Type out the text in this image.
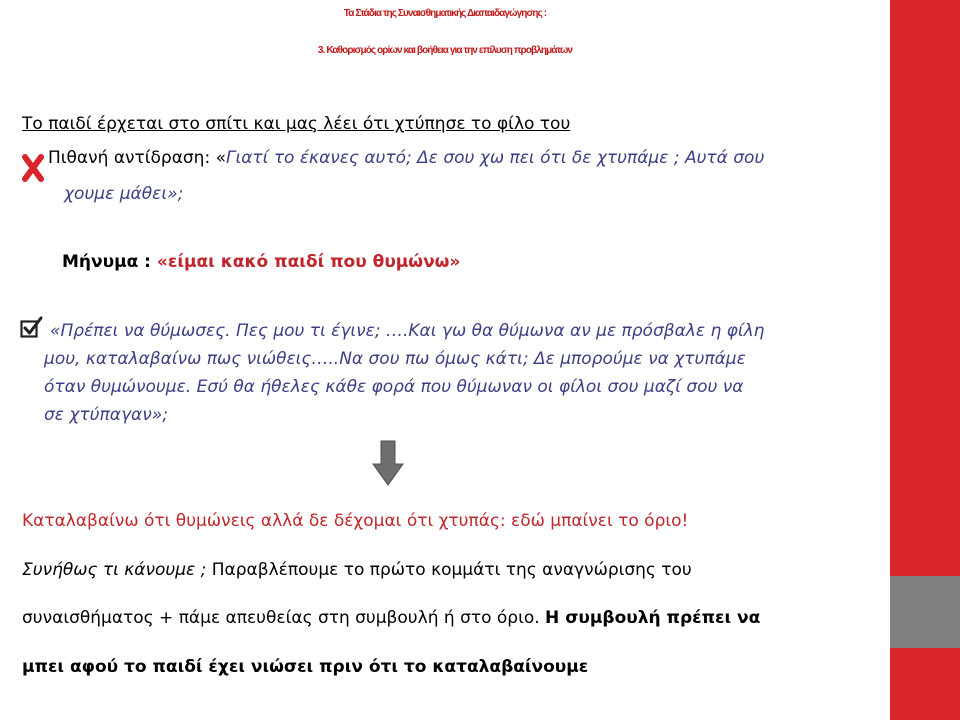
Τα Στάδια της Συναισθηματικής Διαπαιδαγώγησης :
3. Καθορισμός ορίων και βοήθεια για την επίλυση προβλημάτων
Το παιδί έρχεται στο σπίτι και μας λέει ότι χτύπησε το φίλο του
Πιθανή αντίδραση: «Γιατί το έκανες αυτό; Δε σου χω πει ότι δε χτυπάμε ; Αυτά σου
χουμε μάθει»;
Μήνυμα : «είμαι κακό παιδί που θυμώνω»
«Πρέπει να θύμωσες. Πες μου τι έγινε; ….Και γω θα θύμωνα αν με πρόσβαλε η φίλη
μου, καταλαβαίνω πως νιώθεις…..Να σου πω όμως κάτι; Δε μπορούμε να χτυπάμε
όταν θυμώνουμε. Εσύ θα ήθελες κάθε φορά που θύμωναν οι φίλοι σου μαζί σου να
σε χτύπαγαν»;
Καταλαβαίνω ότι θυμώνεις αλλά δε δέχομαι ότι χτυπάς: εδώ μπαίνει το όριο!
Συνήθως τι κάνουμε ; Παραβλέπουμε το πρώτο κομμάτι της αναγνώρισης του
συναισθήματος + πάμε απευθείας στη συμβουλή ή στο όριο. Η συμβουλή πρέπει να
μπει αφού το παιδί έχει νιώσει πριν ότι το καταλαβαίνουμε
